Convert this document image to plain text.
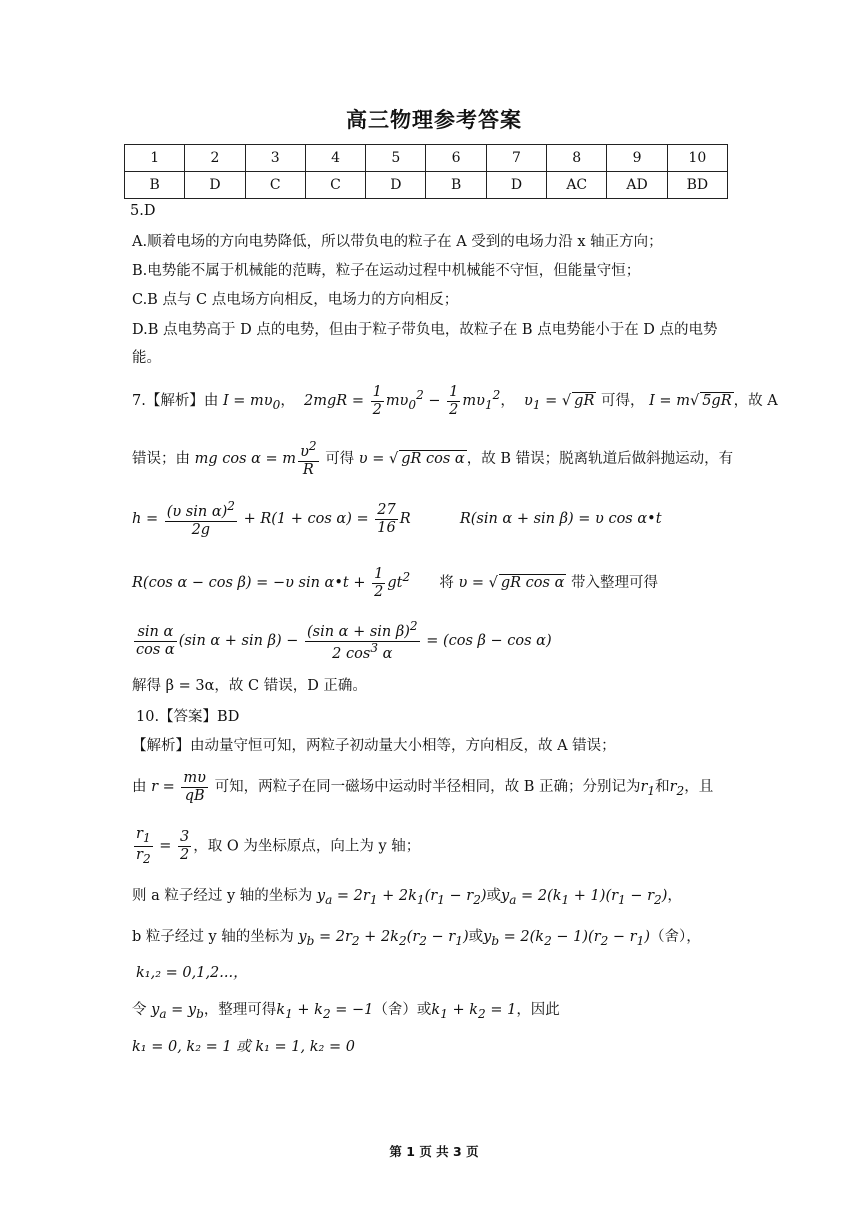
高三物理参考答案
1	2	3	4	5	6	7	8	9	10
B	D	C	C	D	B	D	AC	AD	BD
5.D
A.顺着电场的方向电势降低，所以带负电的粒子在 A 受到的电场力沿 x 轴正方向；
B.电势能不属于机械能的范畴，粒子在运动过程中机械能不守恒，但能量守恒；
C.B 点与 C 点电场方向相反，电场力的方向相反；
D.B 点电势高于 D 点的电势，但由于粒子带负电，故粒子在 B 点电势能小于在 D 点的电势
能。
7.【解析】由 $I = m\upsilon_0$， $2mgR = \frac{1}{2} m\upsilon_0^2 - \frac{1}{2} m\upsilon_1^2$， $\upsilon_1$ = √ gR 可得， I = m√ 5gR ，故 A
错误；由 mg cos α = m $\frac{\upsilon^2}{R}$ 可得 υ = √ gR cos α ，故 B 错误；脱离轨道后做斜抛运动，有
$h = \frac{(\upsilon \sin \alpha)^2}{2g} + R(1 + \cos \alpha) = \frac{27}{16}$ R	R(sin α + sin β) = υ cos α•t
R(cos α − cos β) = −υ sin α•t + $\frac{1}{2} gt^2$ 将 υ = √ gR cos α 带入整理可得
$\frac{\text{sin α}}{\text{cos α}} (\sin$ $\alpha + \sin \beta) - \frac{(\sin \alpha + \sin \beta)^2}{2 \cos^3 \alpha} = (\cos$ β − cos α)
解得 β = 3α，故 C 错误，D 正确。
10.【答案】BD
【解析】由动量守恒可知，两粒子初动量大小相等，方向相反，故 A 错误；
由 $r = \frac{m\upsilon}{qB}$ 可知，两粒子在同一磁场中运动时半径相同，故 B 正确；分别记为$r_1$和$r_2$，且
$\frac{r_1}{r_2} = \frac{3}{2}$ ，取 O 为坐标原点，向上为 y 轴；
则 a 粒子经过 y 轴的坐标为 $y_a = 2r_1 + 2k_1(r_1 - r_2)$或$y_a = 2(k_1 + 1)(r_1 - r_2)$，
b 粒子经过 y 轴的坐标为 $y_b = 2r_2 + 2k_2(r_2 - r_1)$或$y_b = 2(k_2 - 1)(r_2 - r_1)$（舍），
k₁,₂ = 0,1,2...，
令 $y_a = y_b$，整理可得$k_1 + k_2 = -1$（舍）或$k_1 + k_2 = 1$，因此
k₁ = 0, k₂ = 1 或 k₁ = 1, k₂ = 0
第 1 页 共 3 页
